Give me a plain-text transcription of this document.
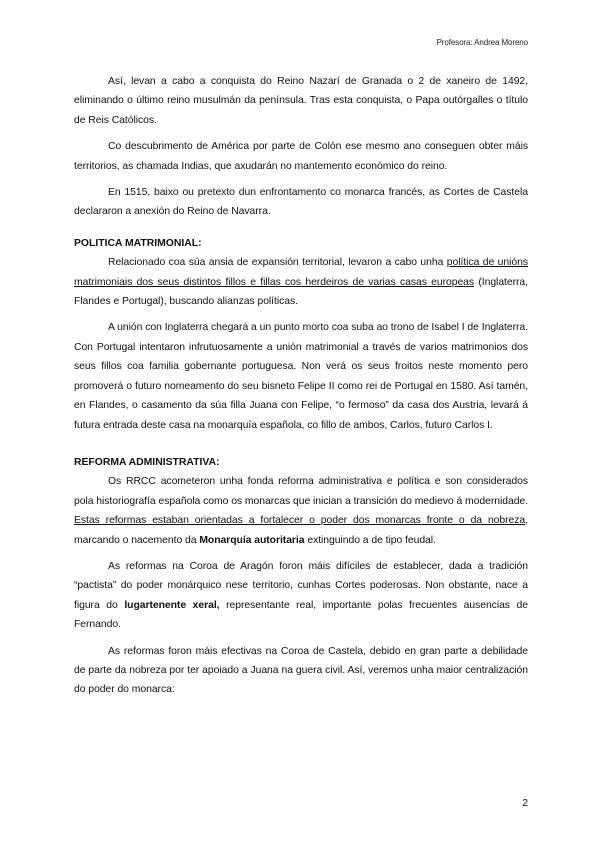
Profesora: Andrea Moreno

Así, levan a cabo a conquista do Reino Nazarí de Granada o 2 de xaneiro de 1492, eliminando o último reino musulmán da península. Tras esta conquista, o Papa outórgalles o título de Reis Católicos.

Co descubrimento de América por parte de Colón ese mesmo ano conseguen obter máis territorios, as chamada Indias, que axudarán no mantemento económico do reino.

En 1515, baixo ou pretexto dun enfrontamento co monarca francés, as Cortes de Castela declararon a anexión do Reino de Navarra.

POLITICA MATRIMONIAL:

Relacionado coa súa ansia de expansión territorial, levaron a cabo unha política de unións matrimoniais dos seus distintos fillos e fillas cos herdeiros de varias casas europeas (Inglaterra, Flandes e Portugal), buscando alianzas políticas.

A unión con Inglaterra chegará a un punto morto coa suba ao trono de Isabel I de Inglaterra. Con Portugal intentaron infrutuosamente a unión matrimonial a través de varios matrimonios dos seus fillos coa familia gobernante portuguesa. Non verá os seus froitos neste momento pero promoverá o futuro nomeamento do seu bisneto Felipe II como rei de Portugal en 1580. Así tamén, en Flandes, o casamento da súa filla Juana con Felipe, “o fermoso” da casa dos Austria, levará á futura entrada deste casa na monarquía española, co fillo de ambos, Carlos, futuro Carlos I.

REFORMA ADMINISTRATIVA:

Os RRCC acometeron unha fonda reforma administrativa e política e son considerados pola historiografía española como os monarcas que inician a transición do medievo á modernidade. Estas reformas estaban orientadas a fortalecer o poder dos monarcas fronte o da nobreza, marcando o nacemento da Monarquía autoritaria extinguindo a de tipo feudal.

As reformas na Coroa de Aragón foron máis difíciles de establecer, dada a tradición “pactista” do poder monárquico nese territorio, cunhas Cortes poderosas. Non obstante, nace a figura do lugartenente xeral, representante real, importante polas frecuentes ausencias de Fernando.

As reformas foron máis efectivas na Coroa de Castela, debido en gran parte a debilidade de parte da nobreza por ter apoiado a Juana na guera civil. Así, veremos unha maior centralización do poder do monarca:

2
